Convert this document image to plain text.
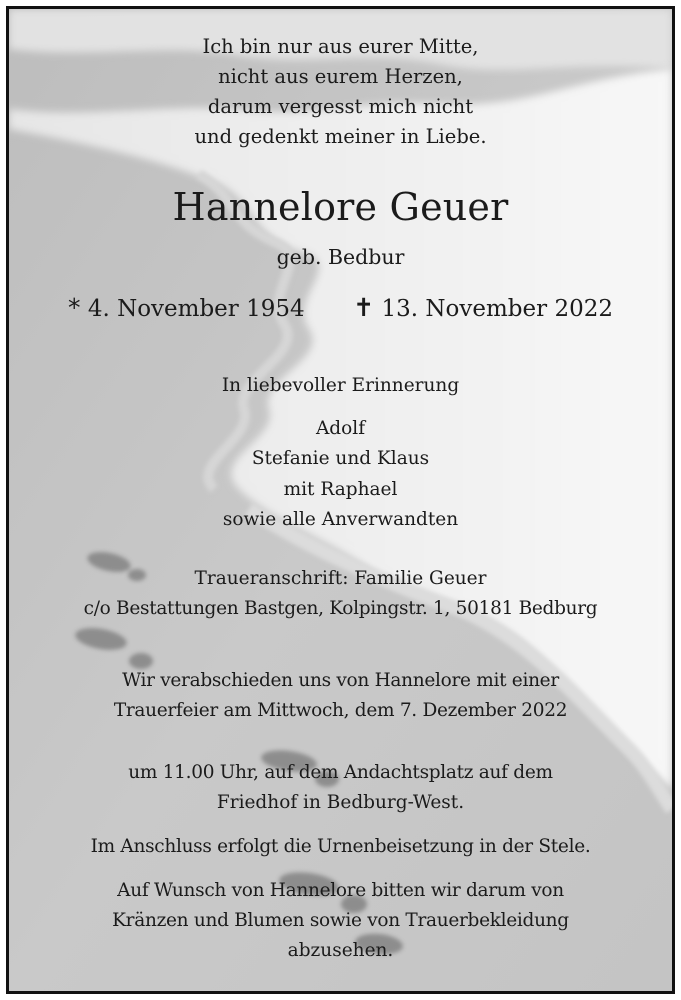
Ich bin nur aus eurer Mitte,
nicht aus eurem Herzen,
darum vergesst mich nicht
und gedenkt meiner in Liebe.
Hannelore Geuer
geb. Bedbur
* 4. November 1954 ✝ 13. November 2022
In liebevoller Erinnerung
Adolf
Stefanie und Klaus
mit Raphael
sowie alle Anverwandten
Traueranschrift: Familie Geuer
c/o Bestattungen Bastgen, Kolpingstr. 1, 50181 Bedburg
Wir verabschieden uns von Hannelore mit einer
Trauerfeier am Mittwoch, dem 7. Dezember 2022
um 11.00 Uhr, auf dem Andachtsplatz auf dem
Friedhof in Bedburg-West.
Im Anschluss erfolgt die Urnenbeisetzung in der Stele.
Auf Wunsch von Hannelore bitten wir darum von
Kränzen und Blumen sowie von Trauerbekleidung
abzusehen.
